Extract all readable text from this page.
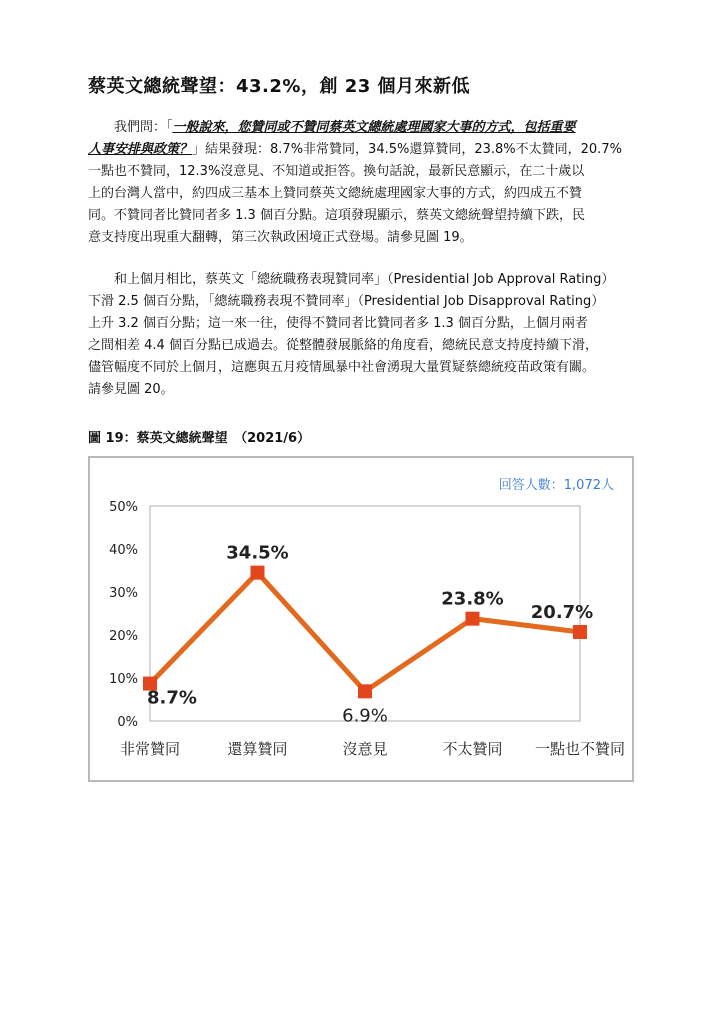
蔡英文總統聲望：43.2%，創 23 個月來新低
我們問：「一般說來，您贊同或不贊同蔡英文總統處理國家大事的方式，包括重要
人事安排與政策？」結果發現：8.7%非常贊同，34.5%還算贊同，23.8%不太贊同，20.7%
一點也不贊同，12.3%沒意見、不知道或拒答。換句話說，最新民意顯示，在二十歲以
上的台灣人當中，約四成三基本上贊同蔡英文總統處理國家大事的方式，約四成五不贊
同。不贊同者比贊同者多 1.3 個百分點。這項發現顯示，蔡英文總統聲望持續下跌，民
意支持度出現重大翻轉，第三次執政困境正式登場。請參見圖 19。
和上個月相比，蔡英文「總統職務表現贊同率」（Presidential Job Approval Rating）
下滑 2.5 個百分點，「總統職務表現不贊同率」（Presidential Job Disapproval Rating）
上升 3.2 個百分點；這一來一往，使得不贊同者比贊同者多 1.3 個百分點，上個月兩者
之間相差 4.4 個百分點已成過去。從整體發展脈絡的角度看，總統民意支持度持續下滑，
儘管幅度不同於上個月，這應與五月疫情風暴中社會湧現大量質疑蔡總統疫苗政策有關。
請參見圖 20。
圖 19：蔡英文總統聲望　（2021/6）
回答人數：1,072人
0%
10%
20%
30%
40%
50%
非常贊同	還算贊同	沒意見	不太贊同 一點也不贊同
8.7%
34.5%
6.9%
23.8%
20.7%
